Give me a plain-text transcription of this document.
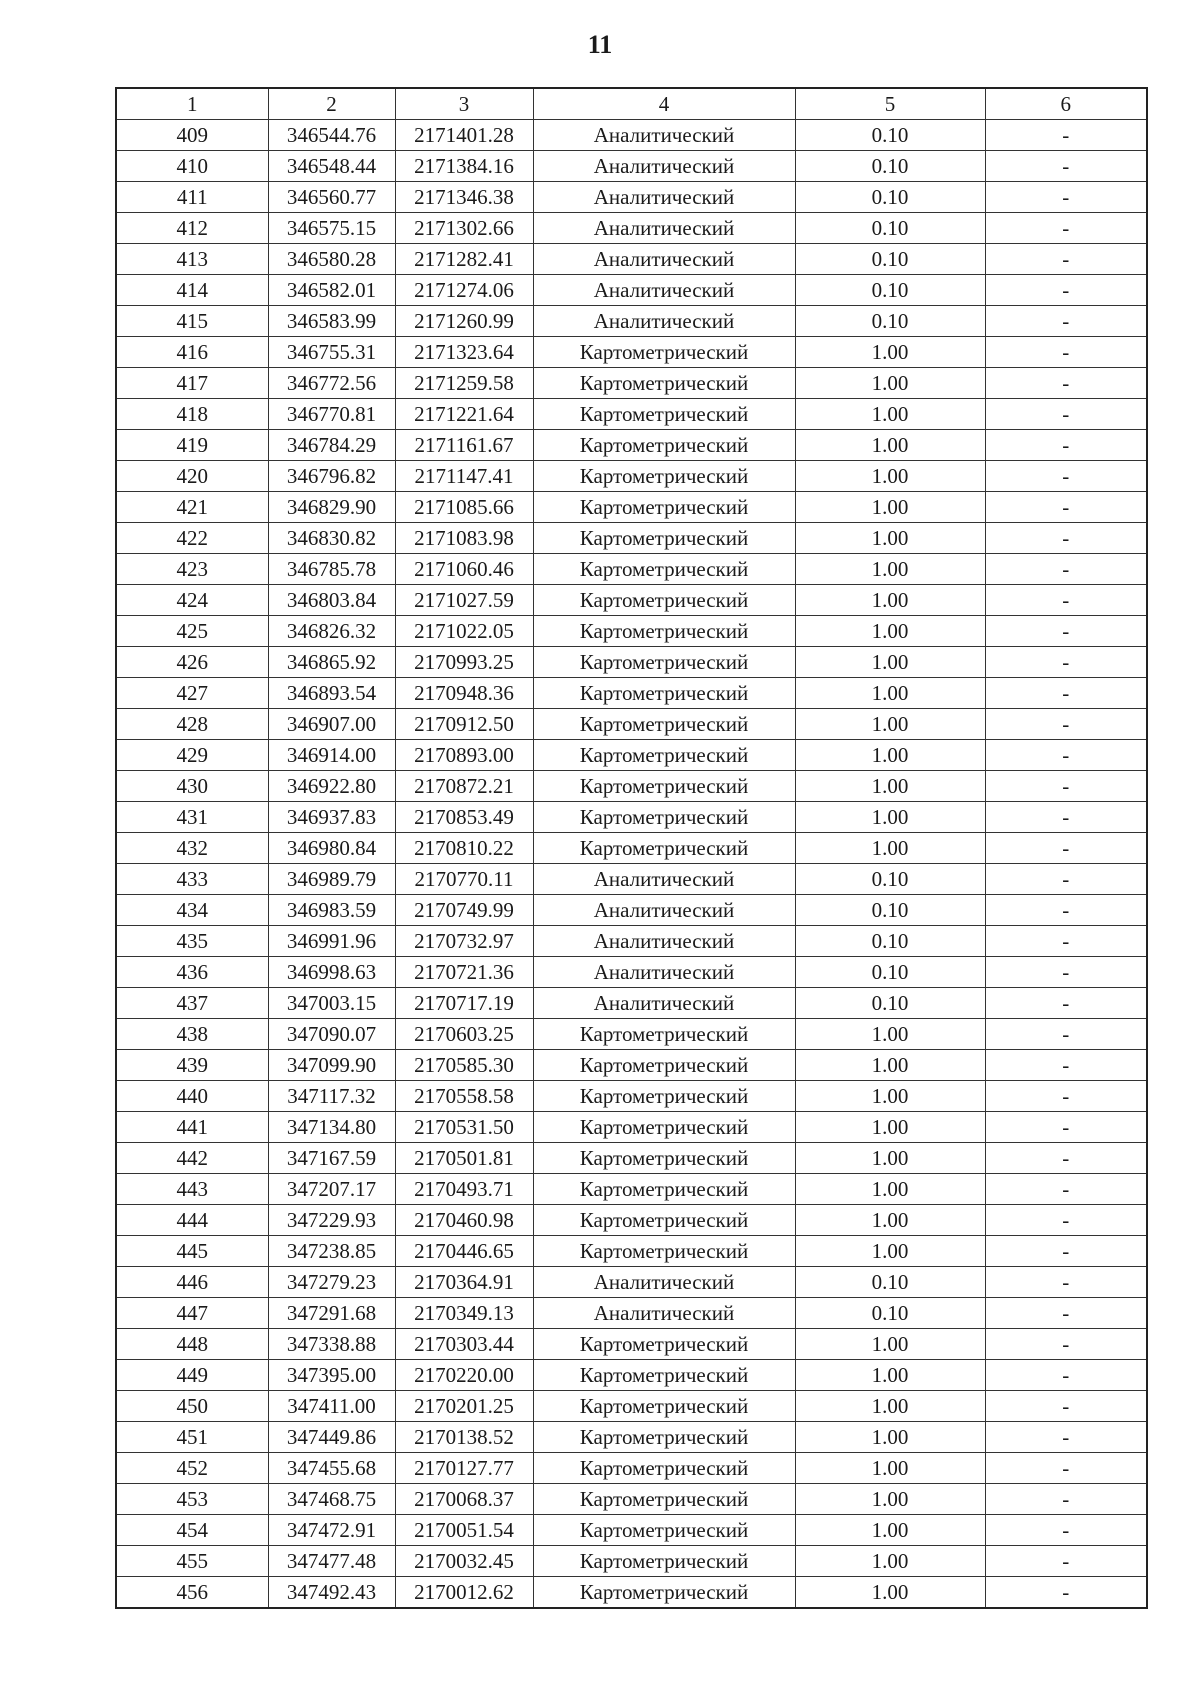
11
1	2	3	4	5	6
409	346544.76	2171401.28	Аналитический	0.10	-
410	346548.44	2171384.16	Аналитический	0.10	-
411	346560.77	2171346.38	Аналитический	0.10	-
412	346575.15	2171302.66	Аналитический	0.10	-
413	346580.28	2171282.41	Аналитический	0.10	-
414	346582.01	2171274.06	Аналитический	0.10	-
415	346583.99	2171260.99	Аналитический	0.10	-
416	346755.31	2171323.64	Картометрический	1.00	-
417	346772.56	2171259.58	Картометрический	1.00	-
418	346770.81	2171221.64	Картометрический	1.00	-
419	346784.29	2171161.67	Картометрический	1.00	-
420	346796.82	2171147.41	Картометрический	1.00	-
421	346829.90	2171085.66	Картометрический	1.00	-
422	346830.82	2171083.98	Картометрический	1.00	-
423	346785.78	2171060.46	Картометрический	1.00	-
424	346803.84	2171027.59	Картометрический	1.00	-
425	346826.32	2171022.05	Картометрический	1.00	-
426	346865.92	2170993.25	Картометрический	1.00	-
427	346893.54	2170948.36	Картометрический	1.00	-
428	346907.00	2170912.50	Картометрический	1.00	-
429	346914.00	2170893.00	Картометрический	1.00	-
430	346922.80	2170872.21	Картометрический	1.00	-
431	346937.83	2170853.49	Картометрический	1.00	-
432	346980.84	2170810.22	Картометрический	1.00	-
433	346989.79	2170770.11	Аналитический	0.10	-
434	346983.59	2170749.99	Аналитический	0.10	-
435	346991.96	2170732.97	Аналитический	0.10	-
436	346998.63	2170721.36	Аналитический	0.10	-
437	347003.15	2170717.19	Аналитический	0.10	-
438	347090.07	2170603.25	Картометрический	1.00	-
439	347099.90	2170585.30	Картометрический	1.00	-
440	347117.32	2170558.58	Картометрический	1.00	-
441	347134.80	2170531.50	Картометрический	1.00	-
442	347167.59	2170501.81	Картометрический	1.00	-
443	347207.17	2170493.71	Картометрический	1.00	-
444	347229.93	2170460.98	Картометрический	1.00	-
445	347238.85	2170446.65	Картометрический	1.00	-
446	347279.23	2170364.91	Аналитический	0.10	-
447	347291.68	2170349.13	Аналитический	0.10	-
448	347338.88	2170303.44	Картометрический	1.00	-
449	347395.00	2170220.00	Картометрический	1.00	-
450	347411.00	2170201.25	Картометрический	1.00	-
451	347449.86	2170138.52	Картометрический	1.00	-
452	347455.68	2170127.77	Картометрический	1.00	-
453	347468.75	2170068.37	Картометрический	1.00	-
454	347472.91	2170051.54	Картометрический	1.00	-
455	347477.48	2170032.45	Картометрический	1.00	-
456	347492.43	2170012.62	Картометрический	1.00	-
